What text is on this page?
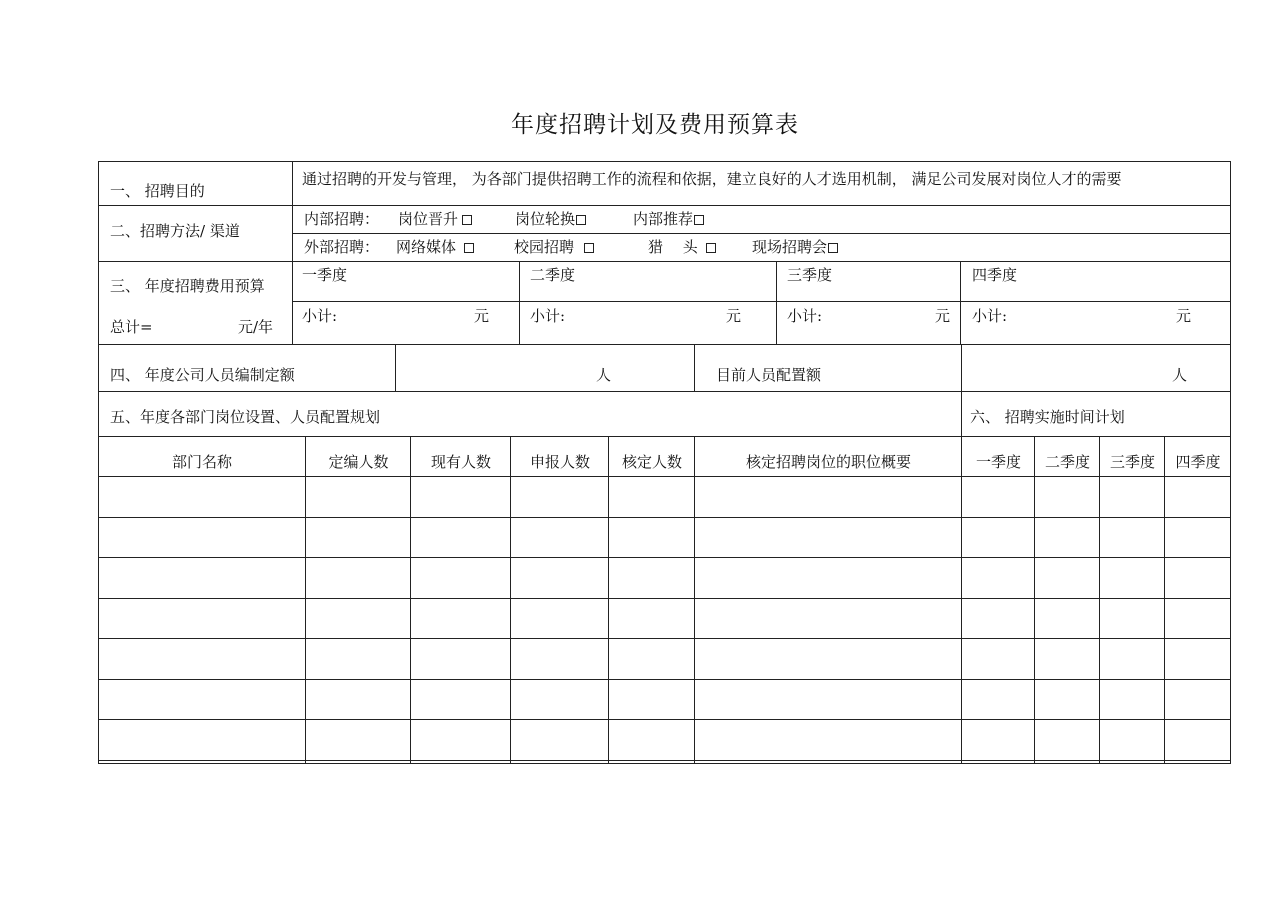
年度招聘计划及费用预算表
一、 招聘目的
通过招聘的开发与管理， 为各部门提供招聘工作的流程和依据，建立良好的人才选用机制， 满足公司发展对岗位人才的需要
二、招聘方法/ 渠道
内部招聘： 岗位晋升	岗位轮换	内部推荐
外部招聘： 网络媒体	校园招聘	猎　 头	现场招聘会
三、 年度招聘费用预算
总计=	元/年
一季度	二季度	三季度	四季度
小计:	元	小计:	元	小计:	元 小计:	元
四、 年度公司人员编制定额	人	目前人员配置额	人
五、年度各部门岗位设置、人员配置规划	六、 招聘实施时间计划
部门名称	定编人数	现有人数	申报人数	核定人数	核定招聘岗位的职位概要	一季度	二季度	三季度	四季度
